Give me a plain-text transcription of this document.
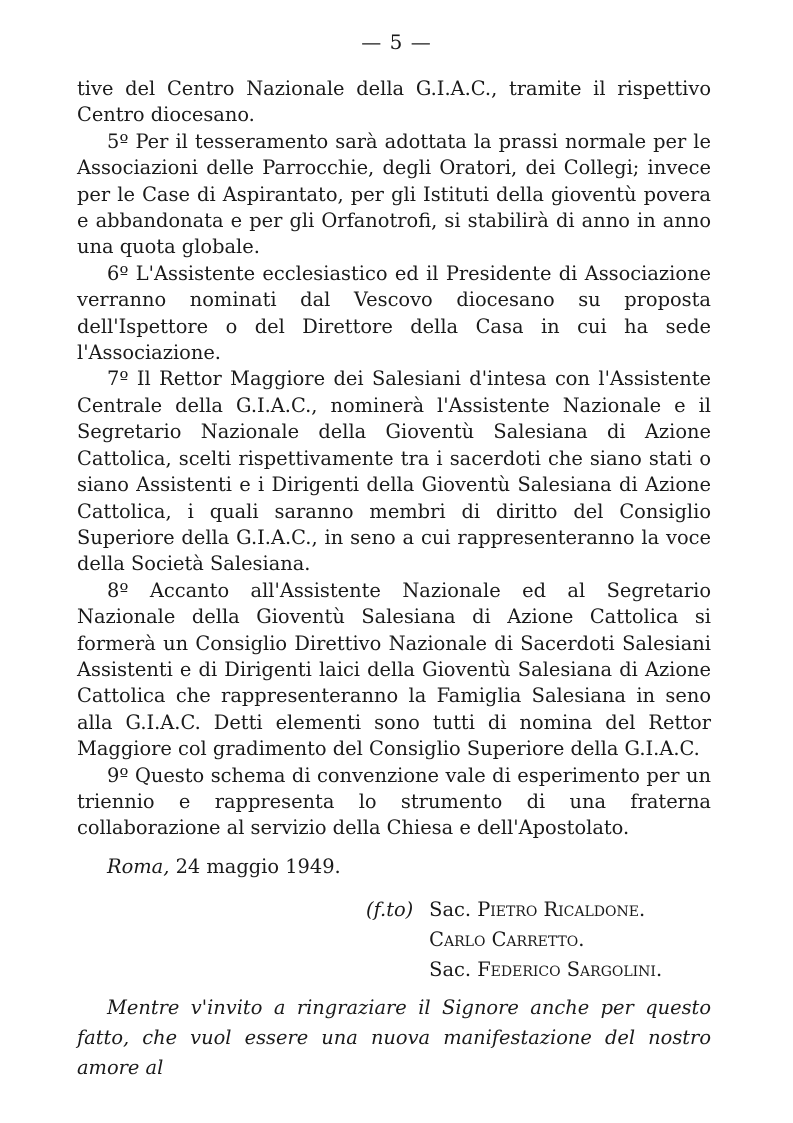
— 5 —

tive del Centro Nazionale della G.I.A.C., tramite il rispettivo Centro diocesano.

5º Per il tesseramento sarà adottata la prassi normale per le Associazioni delle Parrocchie, degli Oratori, dei Collegi; invece per le Case di Aspirantato, per gli Istituti della gioventù povera e abbandonata e per gli Orfanotrofi, si stabilirà di anno in anno una quota globale.

6º L'Assistente ecclesiastico ed il Presidente di Associazione verranno nominati dal Vescovo diocesano su proposta dell'Ispettore o del Direttore della Casa in cui ha sede l'Associazione.

7º Il Rettor Maggiore dei Salesiani d'intesa con l'Assistente Centrale della G.I.A.C., nominerà l'Assistente Nazionale e il Segretario Nazionale della Gioventù Salesiana di Azione Cattolica, scelti rispettivamente tra i sacerdoti che siano stati o siano Assistenti e i Dirigenti della Gioventù Salesiana di Azione Cattolica, i quali saranno membri di diritto del Consiglio Superiore della G.I.A.C., in seno a cui rappresenteranno la voce della Società Salesiana.

8º Accanto all'Assistente Nazionale ed al Segretario Nazionale della Gioventù Salesiana di Azione Cattolica si formerà un Consiglio Direttivo Nazionale di Sacerdoti Salesiani Assistenti e di Dirigenti laici della Gioventù Salesiana di Azione Cattolica che rappresenteranno la Famiglia Salesiana in seno alla G.I.A.C. Detti elementi sono tutti di nomina del Rettor Maggiore col gradimento del Consiglio Superiore della G.I.A.C.

9º Questo schema di convenzione vale di esperimento per un triennio e rappresenta lo strumento di una fraterna collaborazione al servizio della Chiesa e dell'Apostolato.

Roma, 24 maggio 1949.
(f.to) Sac. Pietro Ricaldone.
Carlo Carretto.
Sac. Federico Sargolini.

Mentre v'invito a ringraziare il Signore anche per questo fatto, che vuol essere una nuova manifestazione del nostro amore al
